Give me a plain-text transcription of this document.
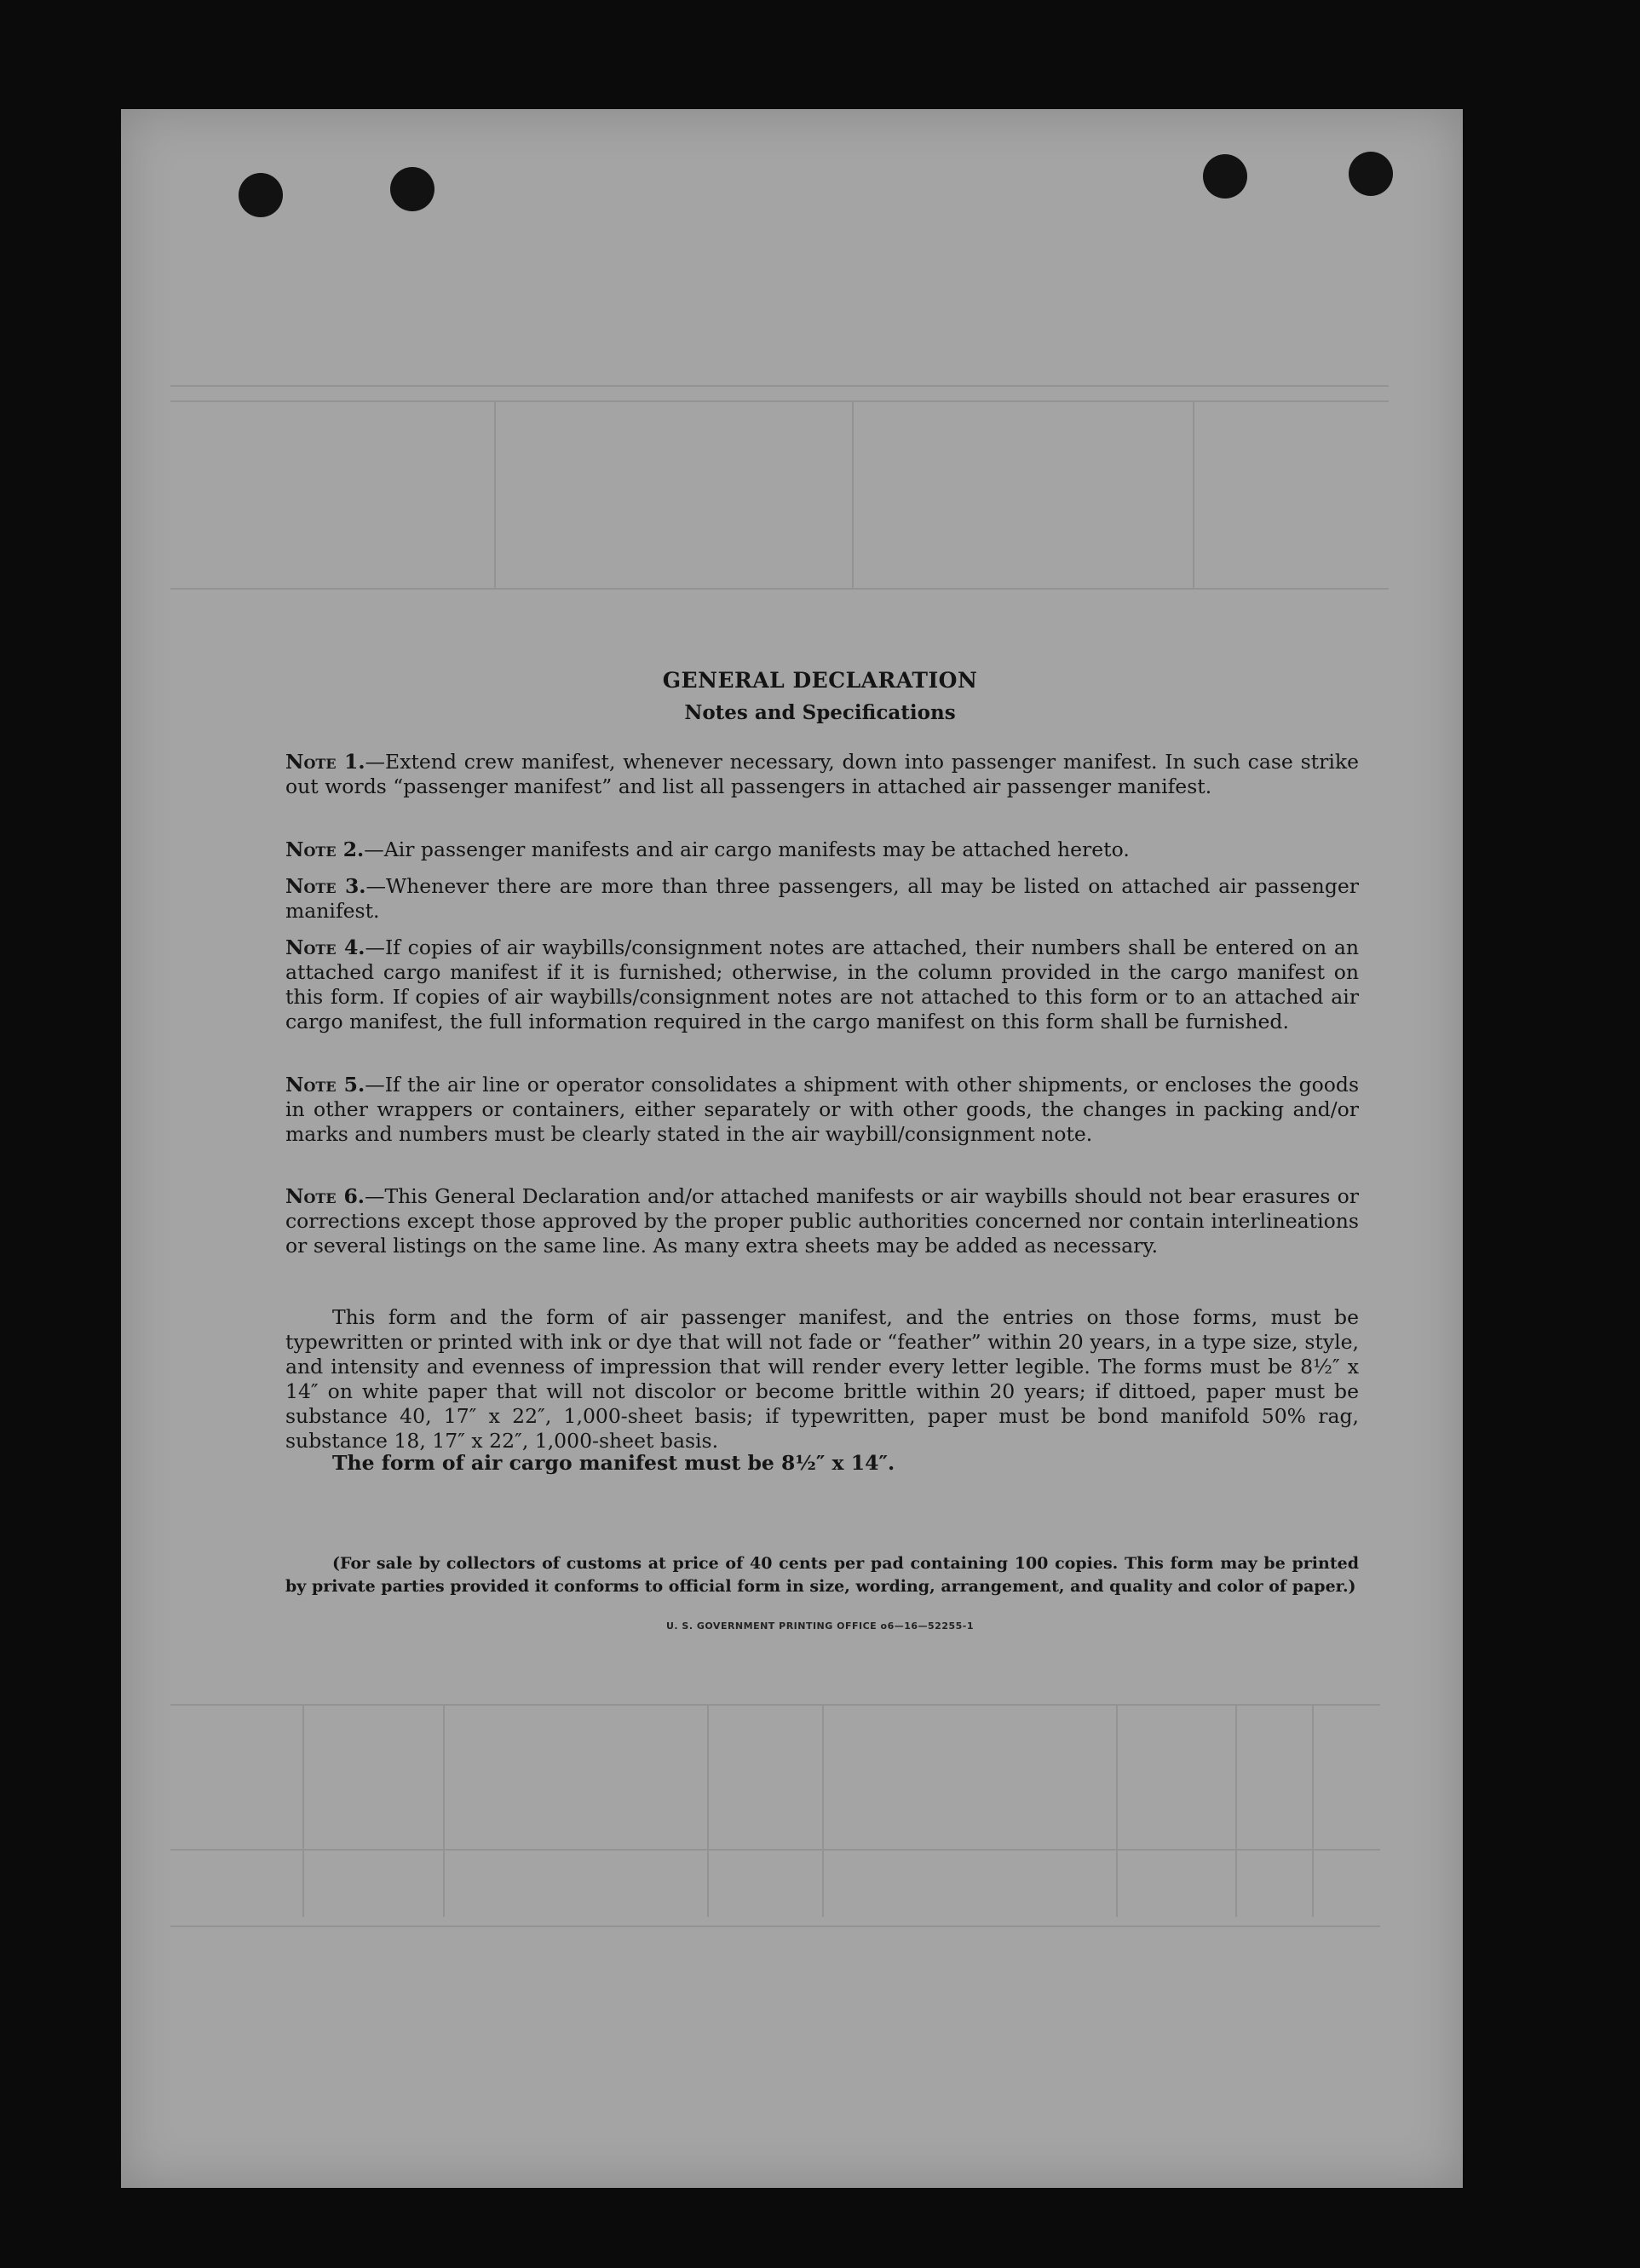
GENERAL DECLARATION
Notes and Specifications
Note 1.—Extend crew manifest, whenever necessary, down into passenger manifest. In such case strike out words “passenger manifest” and list all passengers in attached air passenger manifest.
Note 2.—Air passenger manifests and air cargo manifests may be attached hereto.
Note 3.—Whenever there are more than three passengers, all may be listed on attached air passenger manifest.
Note 4.—If copies of air waybills/consignment notes are attached, their numbers shall be entered on an attached cargo manifest if it is furnished; otherwise, in the column provided in the cargo manifest on this form. If copies of air waybills/consignment notes are not attached to this form or to an attached air cargo manifest, the full information required in the cargo manifest on this form shall be furnished.
Note 5.—If the air line or operator consolidates a shipment with other shipments, or encloses the goods in other wrappers or containers, either separately or with other goods, the changes in packing and/or marks and numbers must be clearly stated in the air waybill/consignment note.
Note 6.—This General Declaration and/or attached manifests or air waybills should not bear erasures or corrections except those approved by the proper public authorities concerned nor contain interlineations or several listings on the same line. As many extra sheets may be added as necessary.
This form and the form of air passenger manifest, and the entries on those forms, must be typewritten or printed with ink or dye that will not fade or “feather” within 20 years, in a type size, style, and intensity and evenness of impression that will render every letter legible. The forms must be 8½″ x 14″ on white paper that will not discolor or become brittle within 20 years; if dittoed, paper must be substance 40, 17″ x 22″, 1,000-sheet basis; if typewritten, paper must be bond manifold 50% rag, substance 18, 17″ x 22″, 1,000-sheet basis.
The form of air cargo manifest must be 8½″ x 14″.
(For sale by collectors of customs at price of 40 cents per pad containing 100 copies. This form may be printed by private parties provided it conforms to official form in size, wording, arrangement, and quality and color of paper.)
U. S. GOVERNMENT PRINTING OFFICE o6—16—52255-1
